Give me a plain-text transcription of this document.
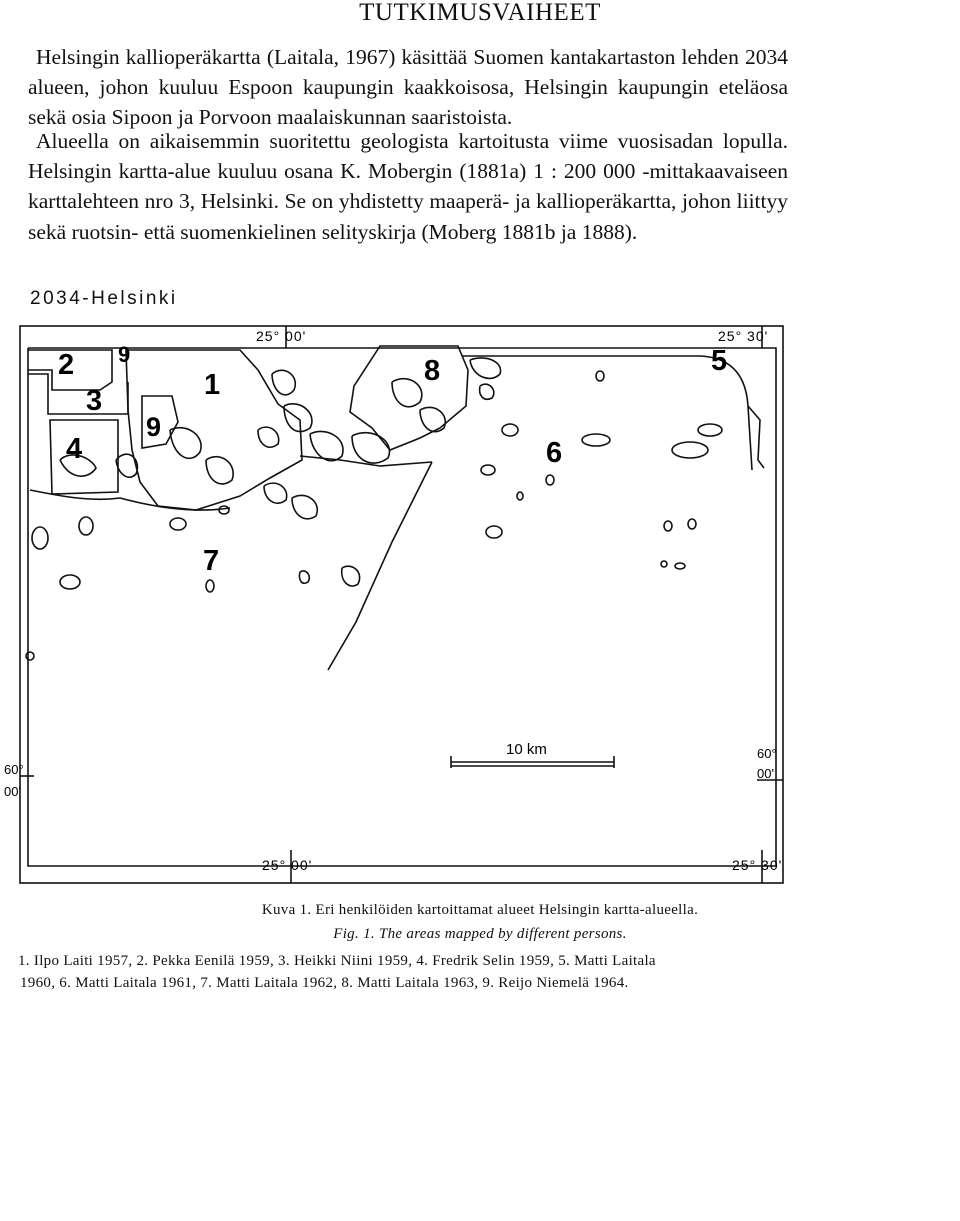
TUTKIMUSVAIHEET

Helsingin kallioperäkartta (Laitala, 1967) käsittää Suomen kantakartaston lehden 2034 alueen, johon kuuluu Espoon kaupungin kaakkoisosa, Helsingin kaupungin eteläosa sekä osia Sipoon ja Porvoon maalaiskunnan saaristoista.

Alueella on aikaisemmin suoritettu geologista kartoitusta viime vuosisadan lopulla. Helsingin kartta-alue kuuluu osana K. Mobergin (1881a) 1 : 200 000 -mittakaavaiseen karttalehteen nro 3, Helsinki. Se on yhdistetty maaperä- ja kallioperäkartta, johon liittyy sekä ruotsin- että suomenkielinen selityskirja (Moberg 1881b ja 1888).

2034-Helsinki
25° 00'	25° 30'
25° 00'	25° 30'
60°
00'
60°
00'
10 km
1
2
3
4
5
6
7
8
9
9

Kuva 1. Eri henkilöiden kartoittamat alueet Helsingin kartta-alueella.

Fig. 1. The areas mapped by different persons.

1. Ilpo Laiti 1957, 2. Pekka Eenilä 1959, 3. Heikki Niini 1959, 4. Fredrik Selin 1959, 5. Matti Laitala
1960, 6. Matti Laitala 1961, 7. Matti Laitala 1962, 8. Matti Laitala 1963, 9. Reijo Niemelä 1964.
